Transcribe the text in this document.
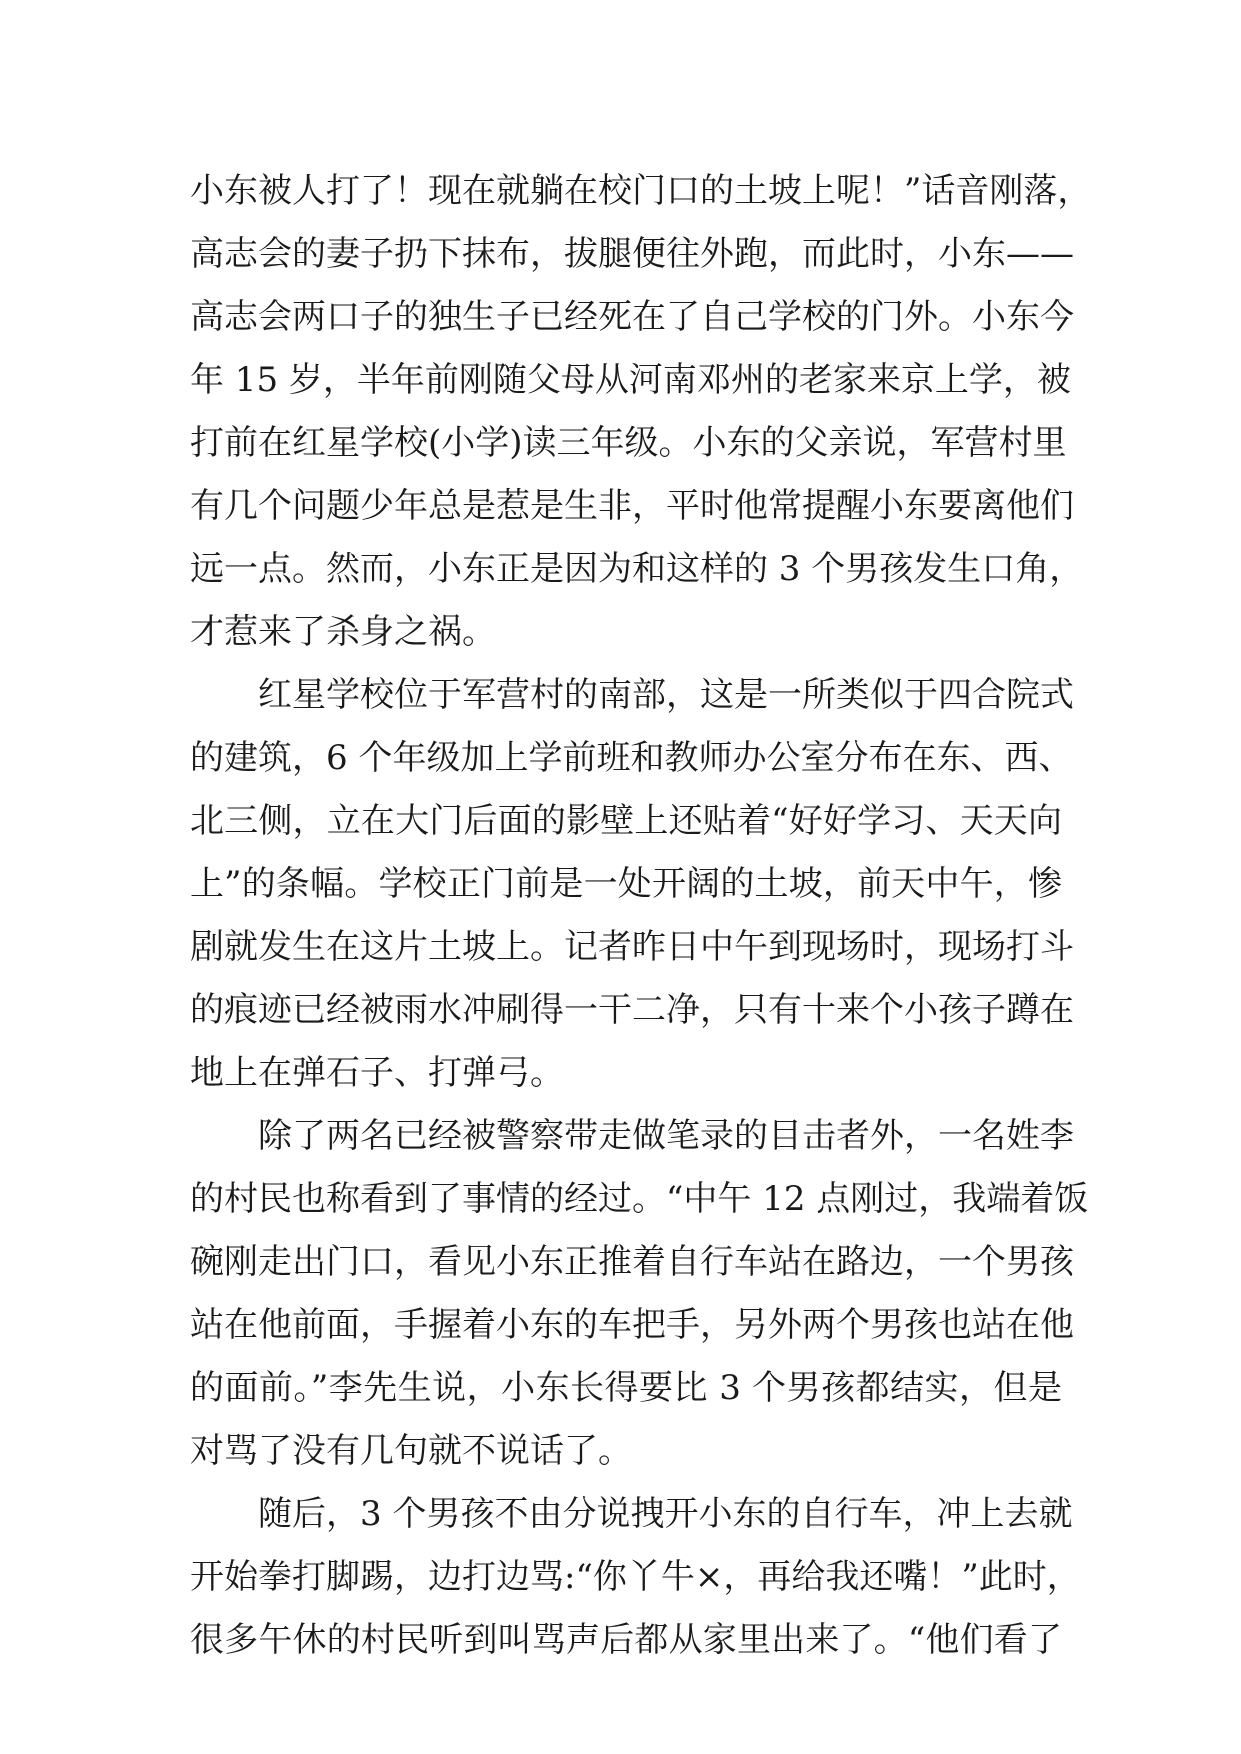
小东被人打了！现在就躺在校门口的土坡上呢！”话音刚落，
高志会的妻子扔下抹布，拔腿便往外跑，而此时，小东——
高志会两口子的独生子已经死在了自己学校的门外。小东今
年 15 岁，半年前刚随父母从河南邓州的老家来京上学，被
打前在红星学校(小学)读三年级。小东的父亲说，军营村里
有几个问题少年总是惹是生非，平时他常提醒小东要离他们
远一点。然而，小东正是因为和这样的 3 个男孩发生口角，
才惹来了杀身之祸。
红星学校位于军营村的南部，这是一所类似于四合院式
的建筑，6 个年级加上学前班和教师办公室分布在东、西、
北三侧，立在大门后面的影壁上还贴着“好好学习、天天向
上”的条幅。学校正门前是一处开阔的土坡，前天中午，惨
剧就发生在这片土坡上。记者昨日中午到现场时，现场打斗
的痕迹已经被雨水冲刷得一干二净，只有十来个小孩子蹲在
地上在弹石子、打弹弓。
除了两名已经被警察带走做笔录的目击者外，一名姓李
的村民也称看到了事情的经过。“中午 12 点刚过，我端着饭
碗刚走出门口，看见小东正推着自行车站在路边，一个男孩
站在他前面，手握着小东的车把手，另外两个男孩也站在他
的面前。”李先生说，小东长得要比 3 个男孩都结实，但是
对骂了没有几句就不说话了。
随后，3 个男孩不由分说拽开小东的自行车，冲上去就
开始拳打脚踢，边打边骂:“你丫牛×，再给我还嘴！”此时，
很多午休的村民听到叫骂声后都从家里出来了。“他们看了
